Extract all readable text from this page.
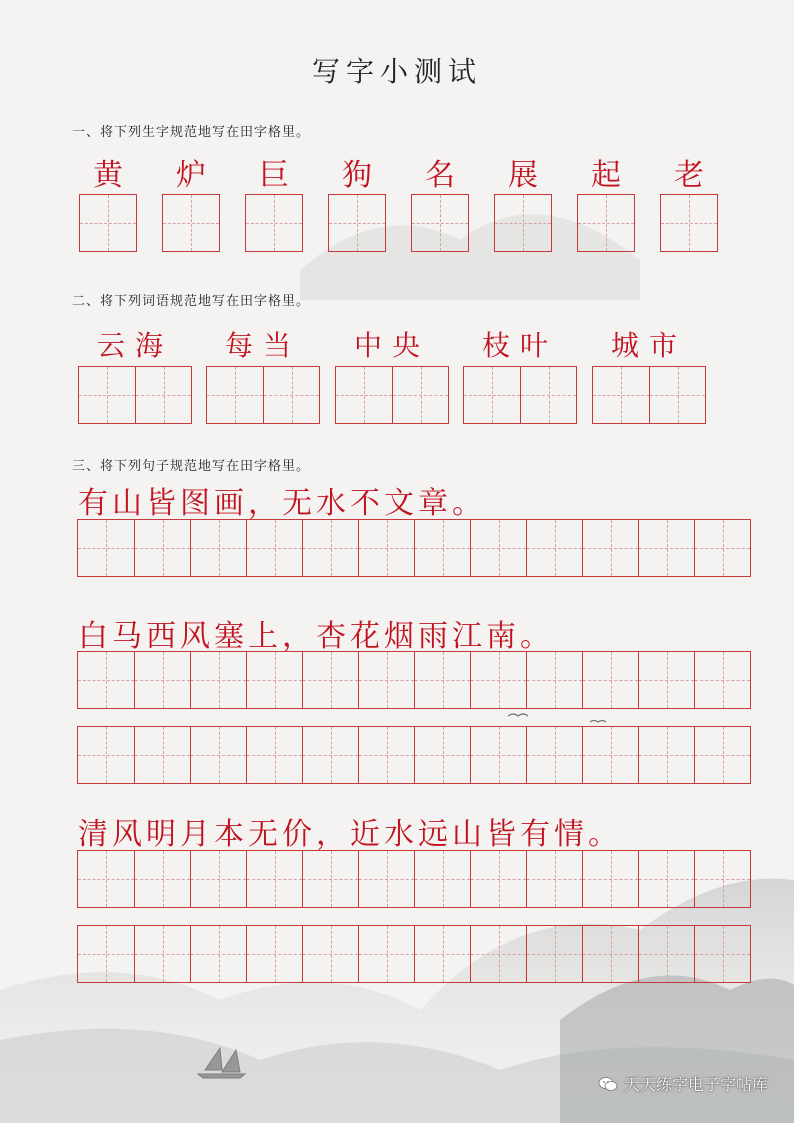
写字小测试
一、将下列生字规范地写在田字格里。
黄	炉	巨	狗	名	展	起	老
二、将下列词语规范地写在田字格里。
云海	每当	中央	枝叶	城市
三、将下列句子规范地写在田字格里。
有山皆图画，无水不文章。
白马西风塞上，杏花烟雨江南。
清风明月本无价，近水远山皆有情。
天天练字电子字帖库
